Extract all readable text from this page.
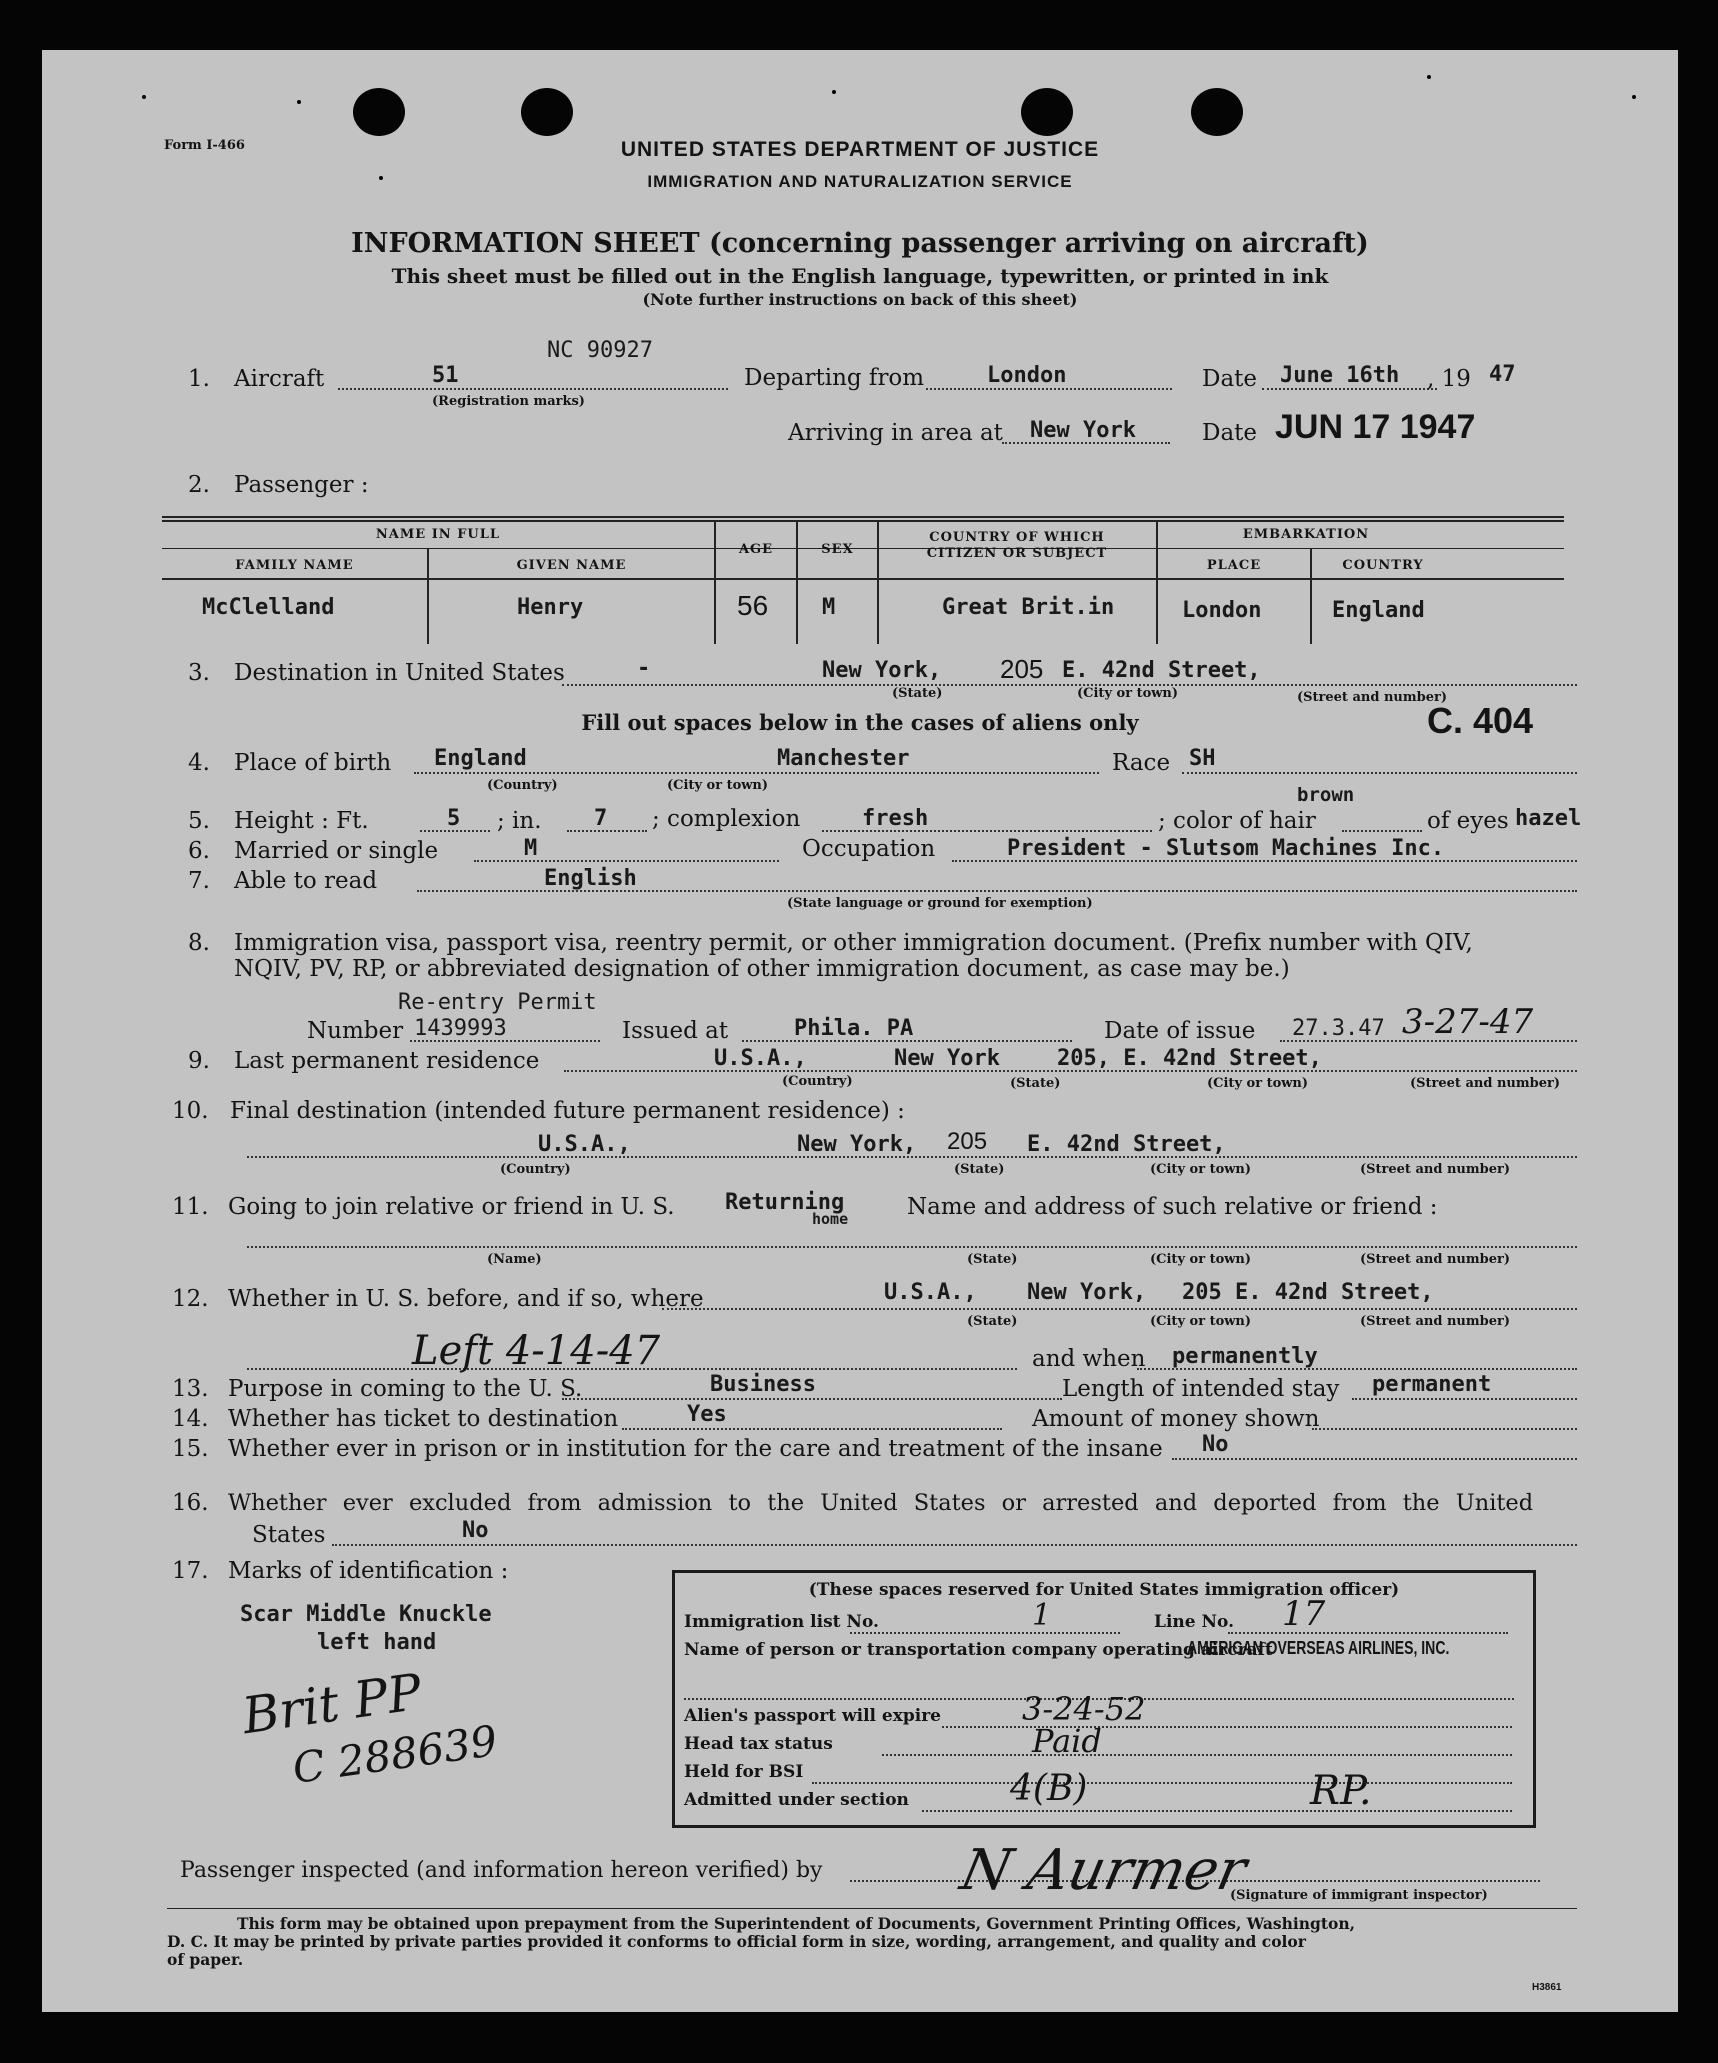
Form I-466	UNITED STATES DEPARTMENT OF JUSTICE
IMMIGRATION AND NATURALIZATION SERVICE
INFORMATION SHEET (concerning passenger arriving on aircraft)
This sheet must be filled out in the English language, typewritten, or printed in ink
(Note further instructions on back of this sheet)
1. Aircraft	51
NC 90927
(Registration marks)
Departing from	London	Date June 16th , 19 47
Arriving in area at New York	Date JUN 17 1947
2. Passenger :
NAME IN FULL
FAMILY NAME	GIVEN NAME
AGE	SEX
COUNTRY OF WHICH CITIZEN OR SUBJECT
EMBARKATION
PLACE	COUNTRY
McClelland	Henry	56 M	Great Brit.in	London	England
3. Destination in United States	-	New York, 205 E. 42nd Street,
(State)	(City or town)	(Street and number)
Fill out spaces below in the cases of aliens only	C. 404
4. Place of birth England	Manchester
(Country)	(City or town)
Race SH
5. Height : Ft.	5 ; in. 7 ; complexion	fresh	; color of hair
brown
of eyes hazel
6. Married or single	M	Occupation	President - Slutsom Machines Inc.
7. Able to read	English
(State language or ground for exemption)
8. Immigration visa, passport visa, reentry permit, or other immigration document. (Prefix number with QIV,
NQIV, PV, RP, or abbreviated designation of other immigration document, as case may be.)
Re-entry Permit
Number 1439993	Issued at	Phila. PA	Date of issue 27.3.47 3-27-47
9. Last permanent residence	U.S.A.,	New York	205, E. 42nd Street,
(Country)	(State)	(City or town)	(Street and number)
10. Final destination (intended future permanent residence) :
U.S.A.,	New York, 205 E. 42nd Street,
(Country)	(State)	(City or town)	(Street and number)
11. Going to join relative or friend in U. S. Returning
home	Name and address of such relative or friend :
(Name)	(State)	(City or town)	(Street and number)
12. Whether in U. S. before, and if so, where	U.S.A., New York, 205 E. 42nd Street,
(State)	(City or town)	(Street and number)
Left 4-14-47	and when permanently
13. Purpose in coming to the U. S.	Business	Length of intended stay permanent
14. Whether has ticket to destination	Yes	Amount of money shown
15. Whether ever in prison or in institution for the care and treatment of the insane No
16. Whether ever excluded from admission to the United States or arrested and deported from the United
States	No
17. Marks of identification :
Scar Middle Knuckle
left hand
Brit PP
C 288639
(These spaces reserved for United States immigration officer)
Immigration list No.	1	Line No. 17
Name of person or transportation company operating aircraft
AMERICAN OVERSEAS AIRLINES, INC.
Alien's passport will expire	3-24-52
Head tax status	Paid
Held for BSI
Admitted under section	4(B)	RP.
Passenger inspected (and information hereon verified) by N Aurmer
(Signature of immigrant inspector)
This form may be obtained upon prepayment from the Superintendent of Documents, Government Printing Offices, Washington,
D. C. It may be printed by private parties provided it conforms to official form in size, wording, arrangement, and quality and color
of paper.
H3861
